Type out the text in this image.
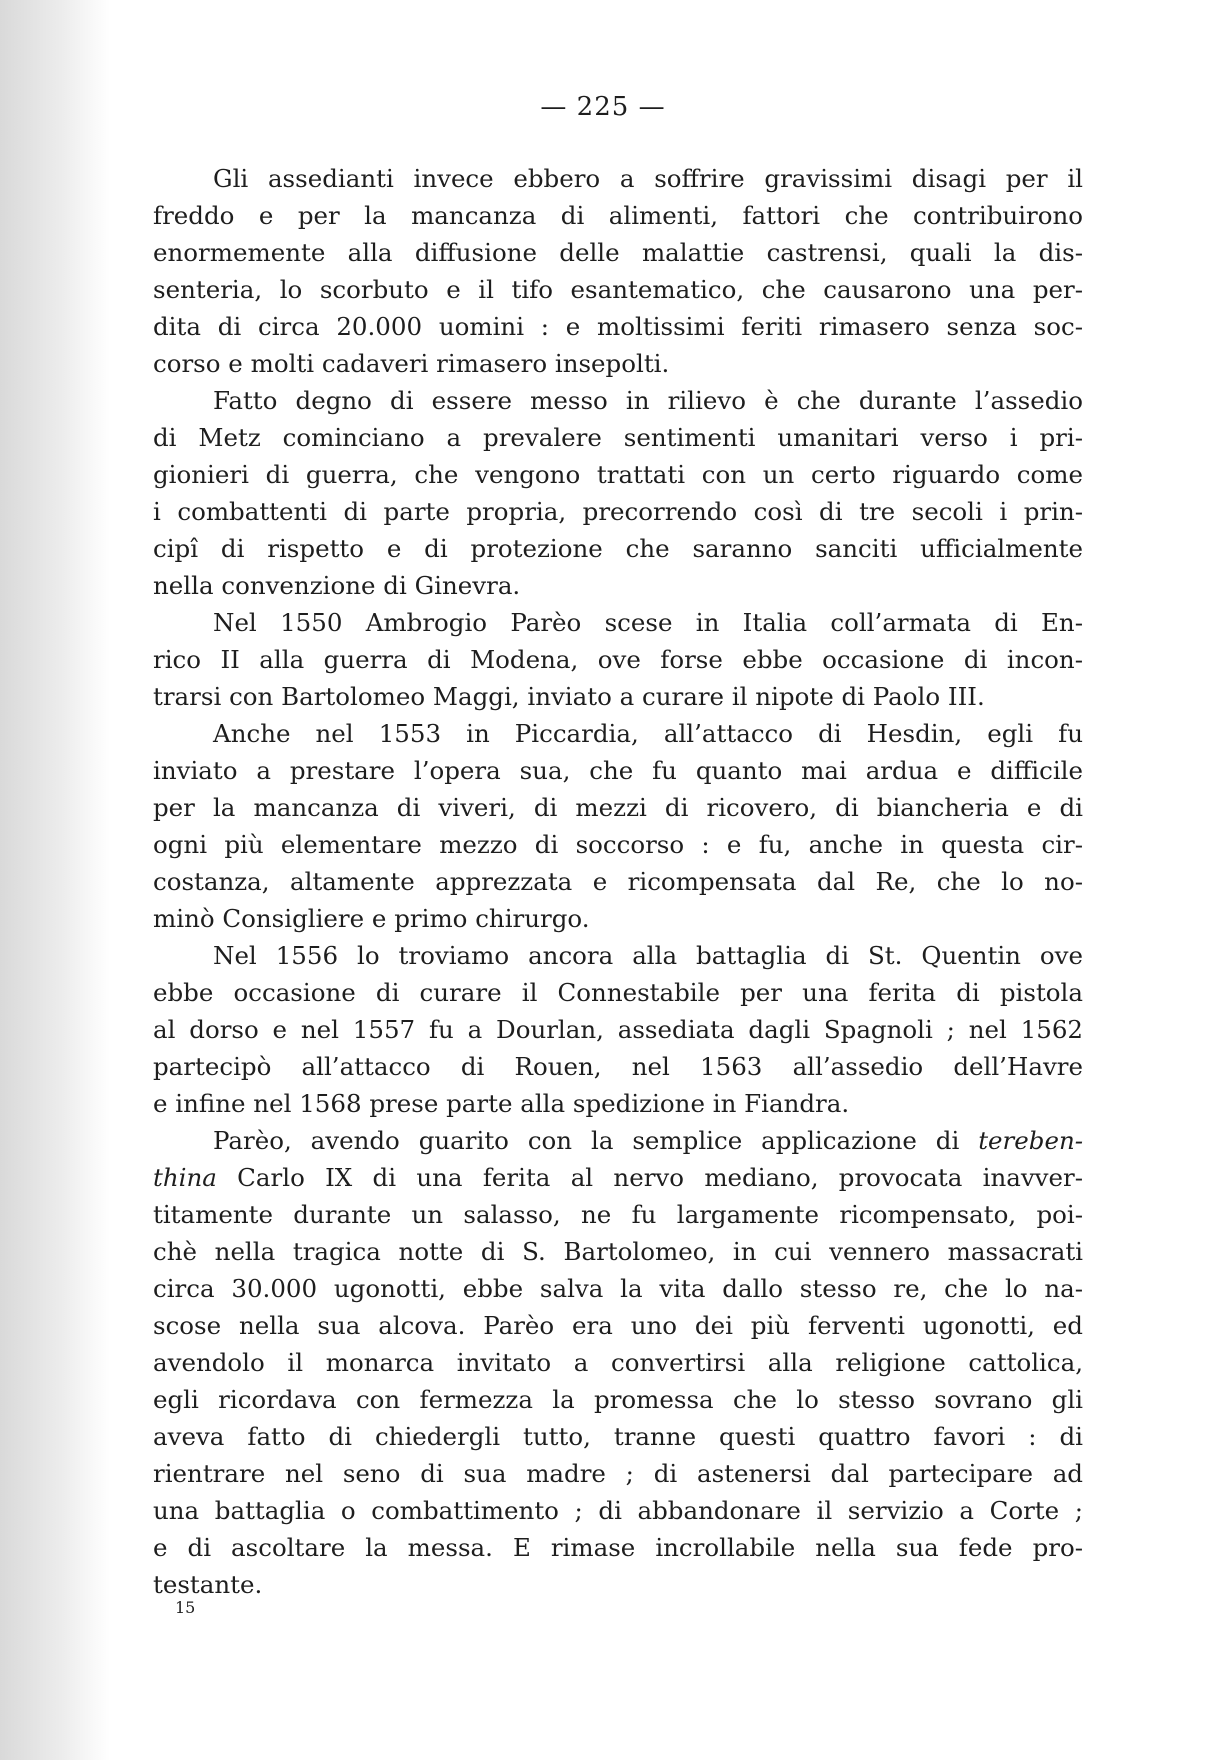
— 225 —

Gli assedianti invece ebbero a soffrire gravissimi disagi per il
freddo e per la mancanza di alimenti, fattori che contribuirono
enormemente alla diffusione delle malattie castrensi, quali la dis-
senteria, lo scorbuto e il tifo esantematico, che causarono una per-
dita di circa 20.000 uomini : e moltissimi feriti rimasero senza soc-
corso e molti cadaveri rimasero insepolti.
Fatto degno di essere messo in rilievo è che durante l’assedio
di Metz cominciano a prevalere sentimenti umanitari verso i pri-
gionieri di guerra, che vengono trattati con un certo riguardo come
i combattenti di parte propria, precorrendo così di tre secoli i prin-
cipî di rispetto e di protezione che saranno sanciti ufficialmente
nella convenzione di Ginevra.
Nel 1550 Ambrogio Parèo scese in Italia coll’armata di En-
rico II alla guerra di Modena, ove forse ebbe occasione di incon-
trarsi con Bartolomeo Maggi, inviato a curare il nipote di Paolo III.
Anche nel 1553 in Piccardia, all’attacco di Hesdin, egli fu
inviato a prestare l’opera sua, che fu quanto mai ardua e difficile
per la mancanza di viveri, di mezzi di ricovero, di biancheria e di
ogni più elementare mezzo di soccorso : e fu, anche in questa cir-
costanza, altamente apprezzata e ricompensata dal Re, che lo no-
minò Consigliere e primo chirurgo.
Nel 1556 lo troviamo ancora alla battaglia di St. Quentin ove
ebbe occasione di curare il Connestabile per una ferita di pistola
al dorso e nel 1557 fu a Dourlan, assediata dagli Spagnoli ; nel 1562
partecipò all’attacco di Rouen, nel 1563 all’assedio dell’Havre
e infine nel 1568 prese parte alla spedizione in Fiandra.
Parèo, avendo guarito con la semplice applicazione di tereben-
thina Carlo IX di una ferita al nervo mediano, provocata inavver-
titamente durante un salasso, ne fu largamente ricompensato, poi-
chè nella tragica notte di S. Bartolomeo, in cui vennero massacrati
circa 30.000 ugonotti, ebbe salva la vita dallo stesso re, che lo na-
scose nella sua alcova. Parèo era uno dei più ferventi ugonotti, ed
avendolo il monarca invitato a convertirsi alla religione cattolica,
egli ricordava con fermezza la promessa che lo stesso sovrano gli
aveva fatto di chiedergli tutto, tranne questi quattro favori : di
rientrare nel seno di sua madre ; di astenersi dal partecipare ad
una battaglia o combattimento ; di abbandonare il servizio a Corte ;
e di ascoltare la messa. E rimase incrollabile nella sua fede pro-
testante.

15
